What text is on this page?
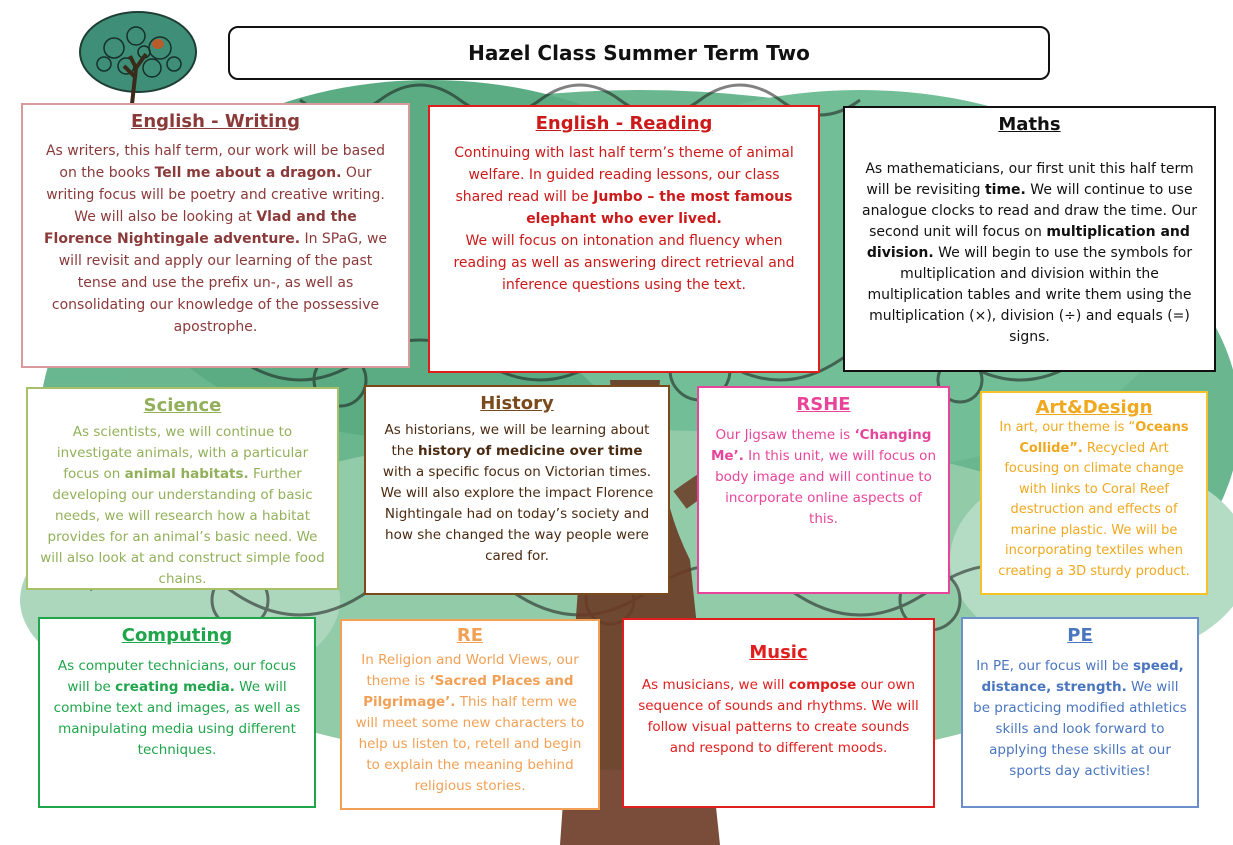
Hazel Class Summer Term Two
English - Writing

As writers, this half term, our work will be based on the books Tell me about a dragon. Our writing focus will be poetry and creative writing. We will also be looking at Vlad and the Florence Nightingale adventure. In SPaG, we will revisit and apply our learning of the past tense and use the prefix un-, as well as consolidating our knowledge of the possessive apostrophe.

English - Reading

Continuing with last half term’s theme of animal welfare. In guided reading lessons, our class shared read will be Jumbo – the most famous elephant who ever lived.
We will focus on intonation and fluency when reading as well as answering direct retrieval and inference questions using the text.

Maths

As mathematicians, our first unit this half term will be revisiting time. We will continue to use analogue clocks to read and draw the time. Our second unit will focus on multiplication and division. We will begin to use the symbols for multiplication and division within the multiplication tables and write them using the multiplication (×), division (÷) and equals (=) signs.

Science

As scientists, we will continue to investigate animals, with a particular focus on animal habitats. Further developing our understanding of basic needs, we will research how a habitat provides for an animal’s basic need. We will also look at and construct simple food chains.

History

As historians, we will be learning about the history of medicine over time with a specific focus on Victorian times. We will also explore the impact Florence Nightingale had on today’s society and how she changed the way people were cared for.

RSHE

Our Jigsaw theme is ‘Changing Me’. In this unit, we will focus on body image and will continue to incorporate online aspects of this.

Art&Design

In art, our theme is “Oceans Collide”. Recycled Art focusing on climate change with links to Coral Reef destruction and effects of marine plastic. We will be incorporating textiles when creating a 3D sturdy product.

Computing

As computer technicians, our focus will be creating media. We will combine text and images, as well as manipulating media using different techniques.

RE

In Religion and World Views, our theme is ‘Sacred Places and Pilgrimage’. This half term we will meet some new characters to help us listen to, retell and begin to explain the meaning behind religious stories.

Music

As musicians, we will compose our own sequence of sounds and rhythms. We will follow visual patterns to create sounds and respond to different moods.

PE

In PE, our focus will be speed, distance, strength. We will be practicing modified athletics skills and look forward to applying these skills at our sports day activities!
